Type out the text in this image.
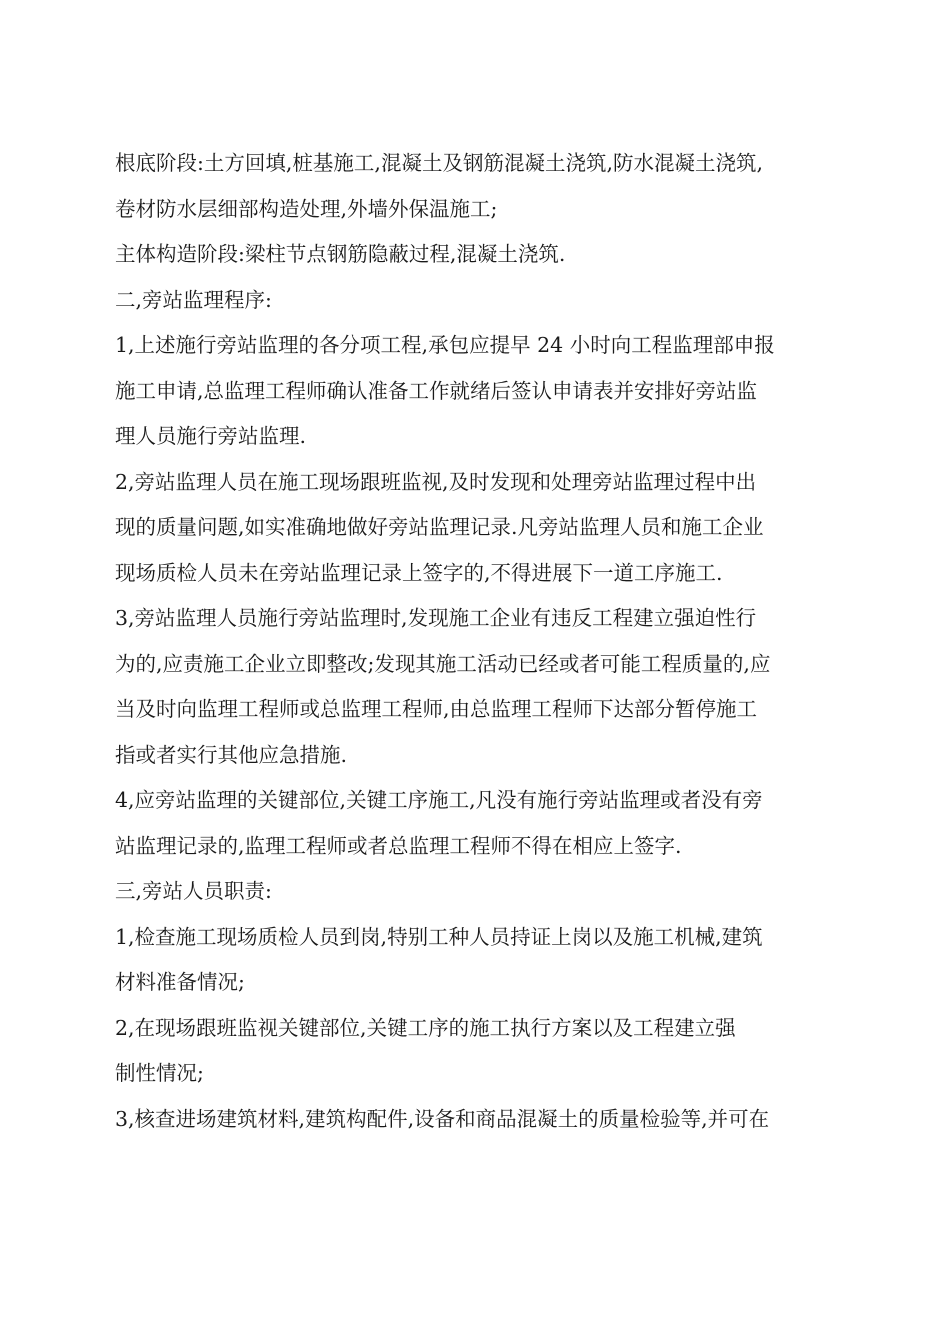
根底阶段:土方回填,桩基施工,混凝土及钢筋混凝土浇筑,防水混凝土浇筑,
卷材防水层细部构造处理,外墙外保温施工;
主体构造阶段:梁柱节点钢筋隐蔽过程,混凝土浇筑.
二,旁站监理程序:
1,上述施行旁站监理的各分项工程,承包应提早 24 小时向工程监理部申报
施工申请,总监理工程师确认准备工作就绪后签认申请表并安排好旁站监
理人员施行旁站监理.
2,旁站监理人员在施工现场跟班监视,及时发现和处理旁站监理过程中出
现的质量问题,如实准确地做好旁站监理记录.凡旁站监理人员和施工企业
现场质检人员未在旁站监理记录上签字的,不得进展下一道工序施工.
3,旁站监理人员施行旁站监理时,发现施工企业有违反工程建立强迫性行
为的,应责施工企业立即整改;发现其施工活动已经或者可能工程质量的,应
当及时向监理工程师或总监理工程师,由总监理工程师下达部分暂停施工
指或者实行其他应急措施.
4,应旁站监理的关键部位,关键工序施工,凡没有施行旁站监理或者没有旁
站监理记录的,监理工程师或者总监理工程师不得在相应上签字.
三,旁站人员职责:
1,检查施工现场质检人员到岗,特别工种人员持证上岗以及施工机械,建筑
材料准备情况;
2,在现场跟班监视关键部位,关键工序的施工执行方案以及工程建立强
制性情况;
3,核查进场建筑材料,建筑构配件,设备和商品混凝土的质量检验等,并可在
